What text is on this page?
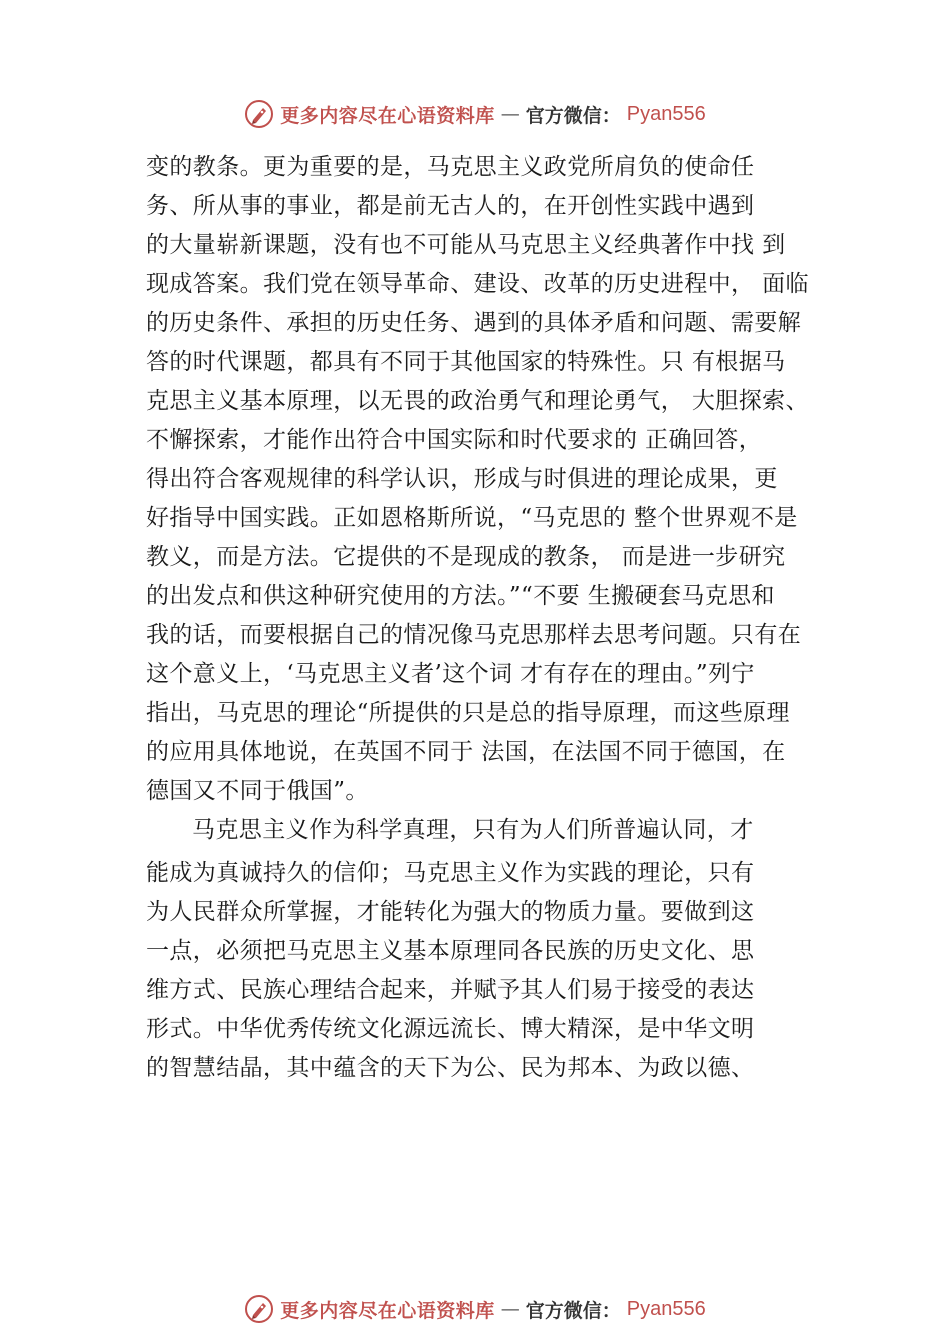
更多内容尽在心语资料库 — 官方微信： Pyan556
变的教条。更为重要的是，马克思主义政党所肩负的使命任
务、所从事的事业，都是前无古人的，在开创性实践中遇到
的大量崭新课题，没有也不可能从马克思主义经典著作中找 到
现成答案。我们党在领导革命、建设、改革的历史进程中， 面临
的历史条件、承担的历史任务、遇到的具体矛盾和问题、需要解
答的时代课题，都具有不同于其他国家的特殊性。只 有根据马
克思主义基本原理，以无畏的政治勇气和理论勇气， 大胆探索、
不懈探索，才能作出符合中国实际和时代要求的 正确回答，
得出符合客观规律的科学认识，形成与时俱进的理论成果，更
好指导中国实践。正如恩格斯所说，“马克思的 整个世界观不是
教义，而是方法。它提供的不是现成的教条， 而是进一步研究
的出发点和供这种研究使用的方法。”“不要 生搬硬套马克思和
我的话，而要根据自己的情况像马克思那样去思考问题。只有在
这个意义上，‘马克思主义者’这个词 才有存在的理由。”列宁
指出，马克思的理论“所提供的只是总的指导原理，而这些原理
的应用具体地说，在英国不同于 法国，在法国不同于德国，在
德国又不同于俄国”。
马克思主义作为科学真理，只有为人们所普遍认同，才
能成为真诚持久的信仰；马克思主义作为实践的理论，只有
为人民群众所掌握，才能转化为强大的物质力量。要做到这
一点，必须把马克思主义基本原理同各民族的历史文化、思
维方式、民族心理结合起来，并赋予其人们易于接受的表达
形式。中华优秀传统文化源远流长、博大精深，是中华文明
的智慧结晶，其中蕴含的天下为公、民为邦本、为政以德、
更多内容尽在心语资料库 — 官方微信： Pyan556
